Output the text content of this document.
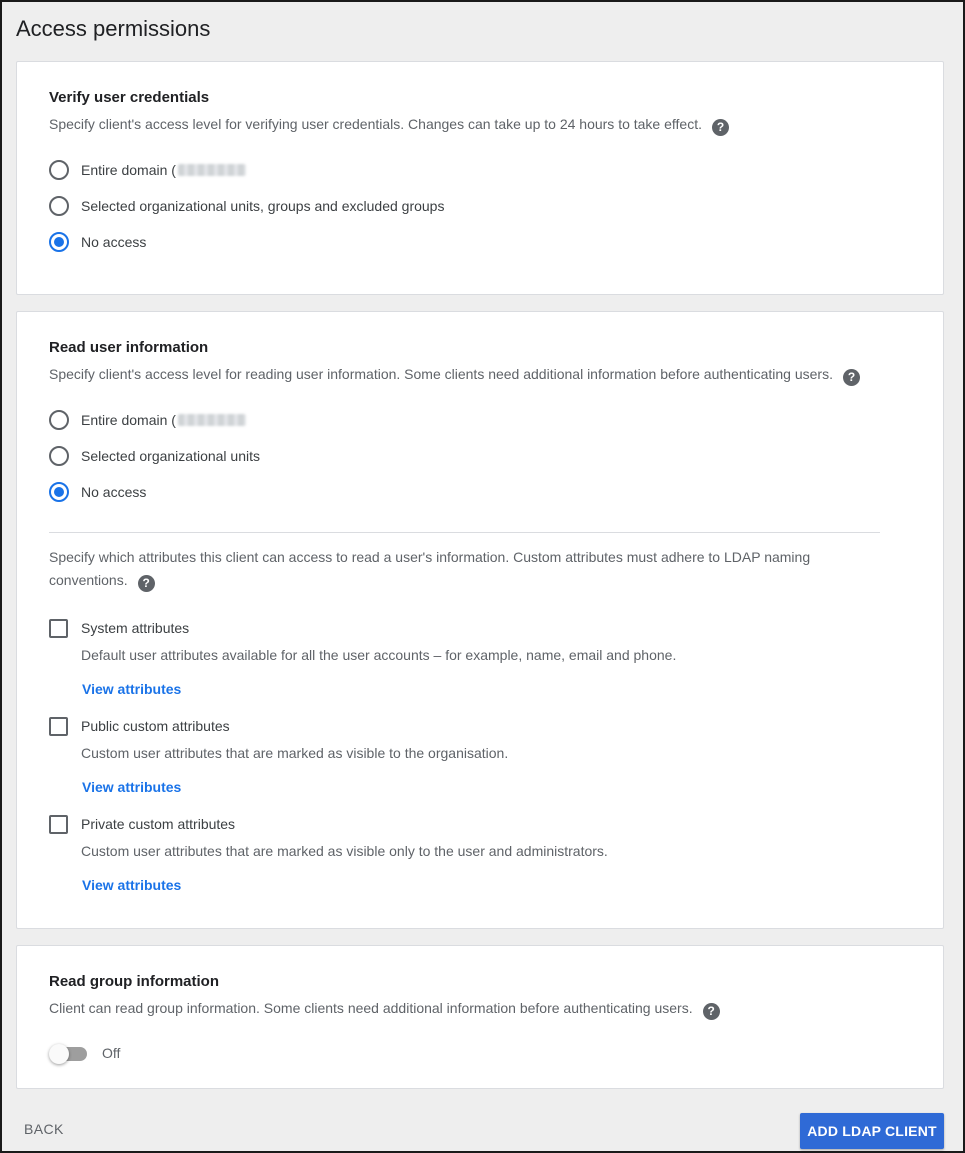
Access permissions
Verify user credentials
Specify client's access level for verifying user credentials. Changes can take up to 24 hours to take effect. ?
Entire domain (
Selected organizational units, groups and excluded groups
No access
Read user information
Specify client's access level for reading user information. Some clients need additional information before authenticating users. ?
Entire domain (
Selected organizational units
No access
Specify which attributes this client can access to read a user's information. Custom attributes must adhere to LDAP naming conventions. ?
System attributes
Default user attributes available for all the user accounts – for example, name, email and phone.
View attributes
Public custom attributes
Custom user attributes that are marked as visible to the organisation.
View attributes
Private custom attributes
Custom user attributes that are marked as visible only to the user and administrators.
View attributes
Read group information
Client can read group information. Some clients need additional information before authenticating users. ?
Off
BACK	ADD LDAP CLIENT
